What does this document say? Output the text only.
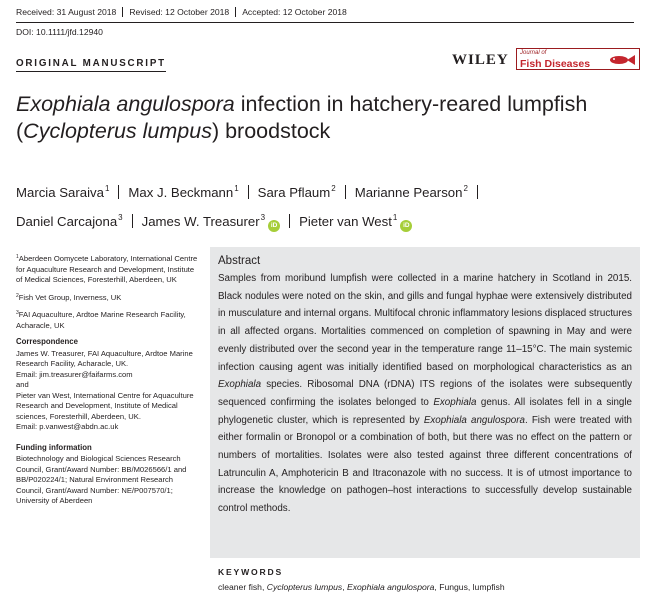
Received: 31 August 2018 Revised: 12 October 2018 Accepted: 12 October 2018
DOI: 10.1111/jfd.12940
ORIGINAL MANUSCRIPT	WILEY Journal of
Fish Diseases
Exophiala angulospora infection in hatchery-reared lumpfish
(Cyclopterus lumpus) broodstock
Marcia Saraiva$^1$ Max J. Beckmann$^1$ Sara Pflaum$^2$ Marianne Pearson$^2$
Daniel Carcajona$^3$ James W. Treasurer$^3$iD Pieter van West$^1$iD

$^1$Aberdeen Oomycete Laboratory, International Centre for Aquaculture Research and Development, Institute of Medical Sciences, Foresterhill, Aberdeen, UK

$^2$Fish Vet Group, Inverness, UK

$^3$FAI Aquaculture, Ardtoe Marine Research Facility, Acharacle, UK

Correspondence
James W. Treasurer, FAI Aquaculture, Ardtoe Marine Research Facility, Acharacle, UK.
Email: jim.treasurer@faifarms.com
and
Pieter van West, International Centre for Aquaculture Research and Development, Institute of Medical sciences, Foresterhill, Aberdeen, UK.
Email: p.vanwest@abdn.ac.uk
Funding information
Biotechnology and Biological Sciences Research Council, Grant/Award Number: BB/M026566/1 and BB/P020224/1; Natural Environment Research Council, Grant/Award Number: NE/P007570/1; University of Aberdeen
Abstract
Samples from moribund lumpfish were collected in a marine hatchery in Scotland in 2015. Black nodules were noted on the skin, and gills and fungal hyphae were extensively distributed in musculature and internal organs. Multifocal chronic inflammatory lesions displaced structures in all affected organs. Mortalities commenced on completion of spawning in May and were evenly distributed over the second year in the temperature range 11–15°C. The main systemic infection causing agent was initially identified based on morphological characteristics as an Exophiala species. Ribosomal DNA (rDNA) ITS regions of the isolates were subsequently sequenced confirming the isolates belonged to Exophiala genus. All isolates fell in a single phylogenetic cluster, which is represented by Exophiala angulospora. Fish were treated with either formalin or Bronopol or a combination of both, but there was no effect on the pattern or numbers of mortalities. Isolates were also tested against three different concentrations of Latrunculin A, Amphotericin B and Itraconazole with no success. It is of utmost importance to increase the knowledge on pathogen–host interactions to successfully develop sustainable control methods.
KEYWORDS
cleaner fish, Cyclopterus lumpus, Exophiala angulospora, Fungus, lumpfish
